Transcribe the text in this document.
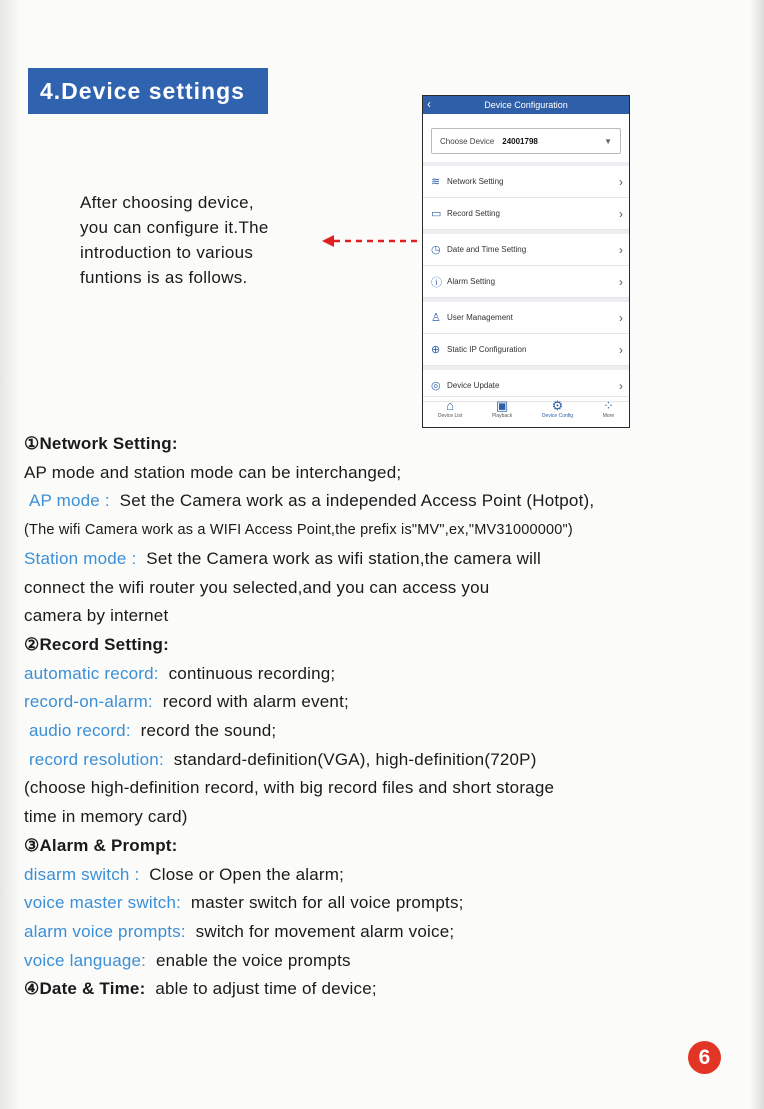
4.Device settings
After choosing device,
you can configure it.The
introduction to various
funtions is as follows.
‹	Device Configuration
Choose Device 24001798	▼
≋ Network Setting	›
▭ Record Setting	›
◷ Date and Time Setting	›
ⓘ Alarm Setting	›
♙ User Management	›
⊕ Static IP Configuration	›
◎ Device Update	›
⌂
Device List
▣
Playback
⚙
Device Config
⁘
More

①Network Setting:

AP mode and station mode can be interchanged;

AP mode : Set the Camera work as a independed Access Point (Hotpot),

(The wifi Camera work as a WIFI Access Point,the prefix is"MV",ex,"MV31000000")

Station mode : Set the Camera work as wifi station,the camera will

connect the wifi router you selected,and you can access you

camera by internet

②Record Setting:

automatic record: continuous recording;

record-on-alarm: record with alarm event;

audio record: record the sound;

record resolution: standard-definition(VGA), high-definition(720P)

(choose high-definition record, with big record files and short storage

time in memory card)

③Alarm & Prompt:

disarm switch : Close or Open the alarm;

voice master switch: master switch for all voice prompts;

alarm voice prompts: switch for movement alarm voice;

voice language: enable the voice prompts

④Date & Time: able to adjust time of device;

6
